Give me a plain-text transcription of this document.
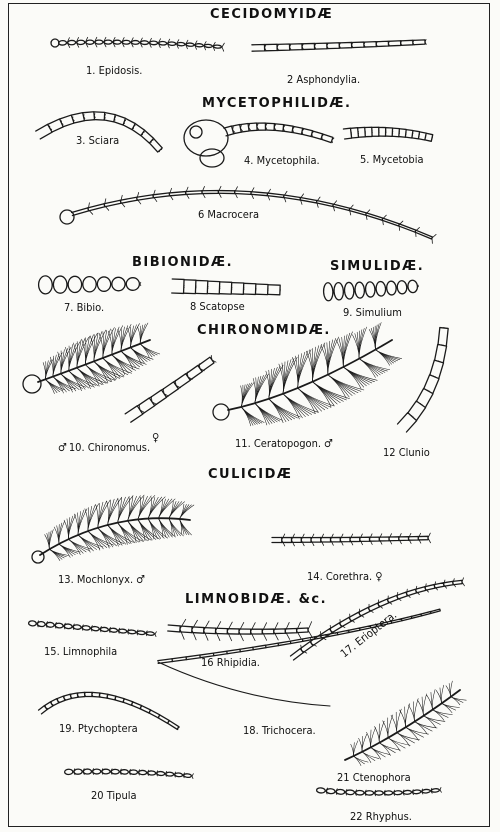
CECIDOMYIDÆ
MYCETOPHILIDÆ.
BIBIONIDÆ.	SIMULIDÆ.
CHIRONOMIDÆ.
CULICIDÆ
LIMNOBIDÆ. &c.
1. Epidosis.
2 Asphondylia.
3. Sciara
4. Mycetophila.	5. Mycetobia
6 Macrocera
7. Bibio.	8 Scatopse	9. Simulium
♂ 10. Chironomus.
♀	11. Ceratopogon. ♂
12 Clunio
13. Mochlonyx. ♂	14. Corethra. ♀
15. Limnophila
16 Rhipidia.
17. Erioptera.
18. Trichocera.
19. Ptychoptera
20 Tipula
21 Ctenophora
22 Rhyphus.
